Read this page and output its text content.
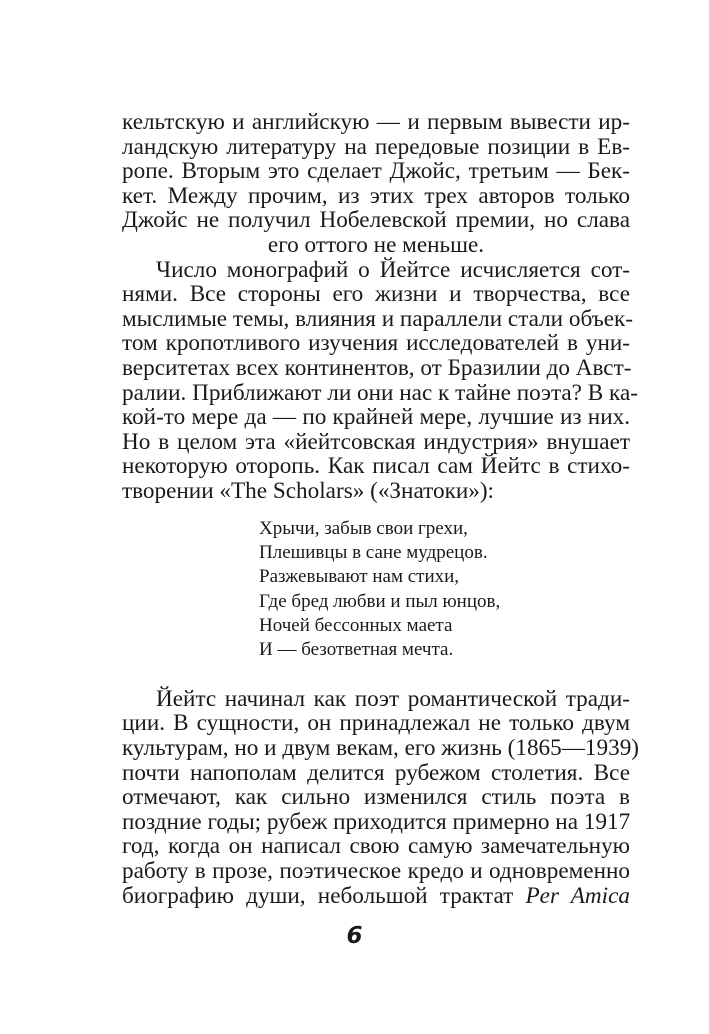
кельтскую и английскую — и первым вывести ир-
ландскую литературу на передовые позиции в Ев-
ропе. Вторым это сделает Джойс, третьим — Бек-
кет. Между прочим, из этих трех авторов только
Джойс не получил Нобелевской премии, но слава
его оттого не меньше.
Число монографий о Йейтсе исчисляется сот-
нями. Все стороны его жизни и творчества, все
мыслимые темы, влияния и параллели стали объек-
том кропотливого изучения исследователей в уни-
верситетах всех континентов, от Бразилии до Авст-
ралии. Приближают ли они нас к тайне поэта? В ка-
кой-то мере да — по крайней мере, лучшие из них.
Но в целом эта «йейтсовская индустрия» внушает
некоторую оторопь. Как писал сам Йейтс в стихо-
творении «The Scholars» («Знатоки»):
Хрычи, забыв свои грехи,
Плешивцы в сане мудрецов.
Разжевывают нам стихи,
Где бред любви и пыл юнцов,
Ночей бессонных маета
И — безответная мечта.
Йейтс начинал как поэт романтической тради-
ции. В сущности, он принадлежал не только двум
культурам, но и двум векам, его жизнь (1865—1939)
почти напополам делится рубежом столетия. Все
отмечают, как сильно изменился стиль поэта в
поздние годы; рубеж приходится примерно на 1917
год, когда он написал свою самую замечательную
работу в прозе, поэтическое кредо и одновременно
биографию души, небольшой трактат Per Amica
6
